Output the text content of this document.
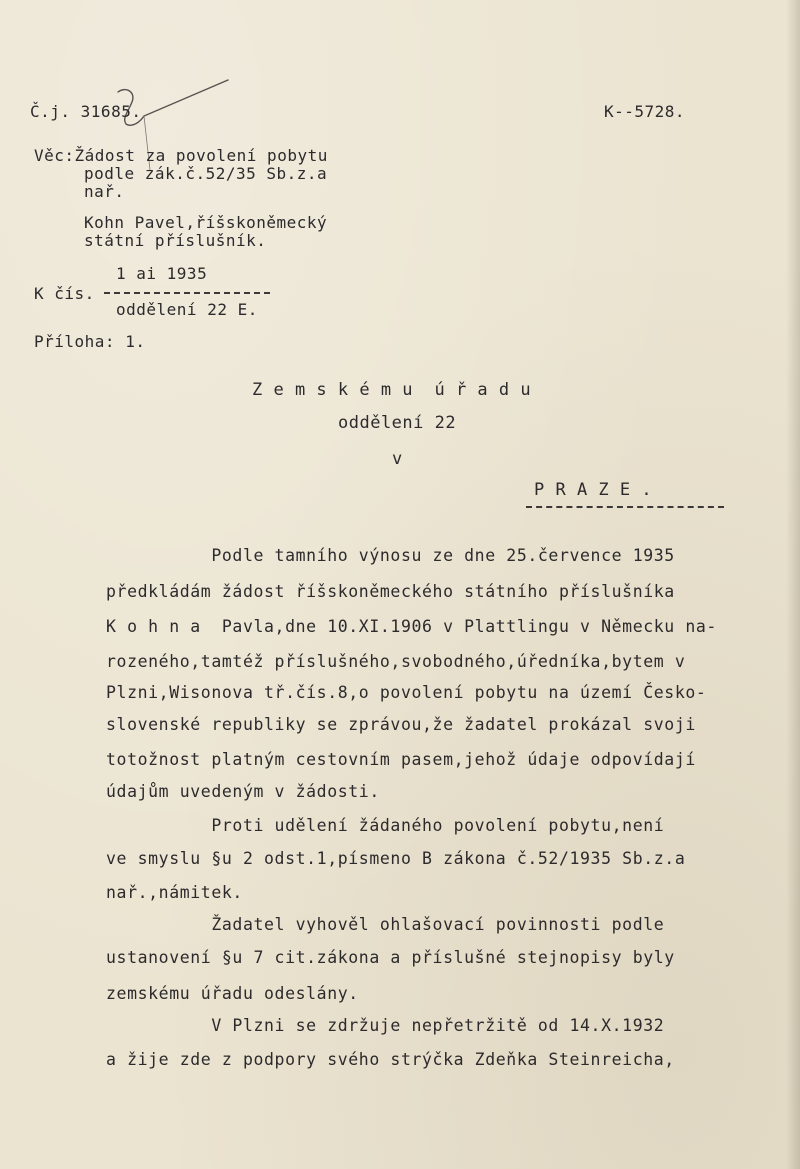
Č.j. 31685.	K--5728.
Věc:Žádost za povolení pobytu
podle zák.č.52/35 Sb.z.a
nař.
Kohn Pavel,říšskoněmecký
státní příslušník.
1 ai 1935
K čís.
oddělení 22 E.
Příloha: 1.
Z e m s k é m u  ú ř a d u
oddělení 22
v
P R A Z E .
Podle tamního výnosu ze dne 25.července 1935
předkládám žádost říšskoněmeckého státního příslušníka
K o h n a  Pavla,dne 10.XI.1906 v Plattlingu v Německu na-
rozeného,tamtéž příslušného,svobodného,úředníka,bytem v
Plzni,Wisonova tř.čís.8,o povolení pobytu na území Česko-
slovenské republiky se zprávou,že žadatel prokázal svoji
totožnost platným cestovním pasem,jehož údaje odpovídají
údajům uvedeným v žádosti.
Proti udělení žádaného povolení pobytu,není
ve smyslu §u 2 odst.1,písmeno B zákona č.52/1935 Sb.z.a
nař.,námitek.
Žadatel vyhověl ohlašovací povinnosti podle
ustanovení §u 7 cit.zákona a příslušné stejnopisy byly
zemskému úřadu odeslány.
V Plzni se zdržuje nepřetržitě od 14.X.1932
a žije zde z podpory svého strýčka Zdeňka Steinreicha,
